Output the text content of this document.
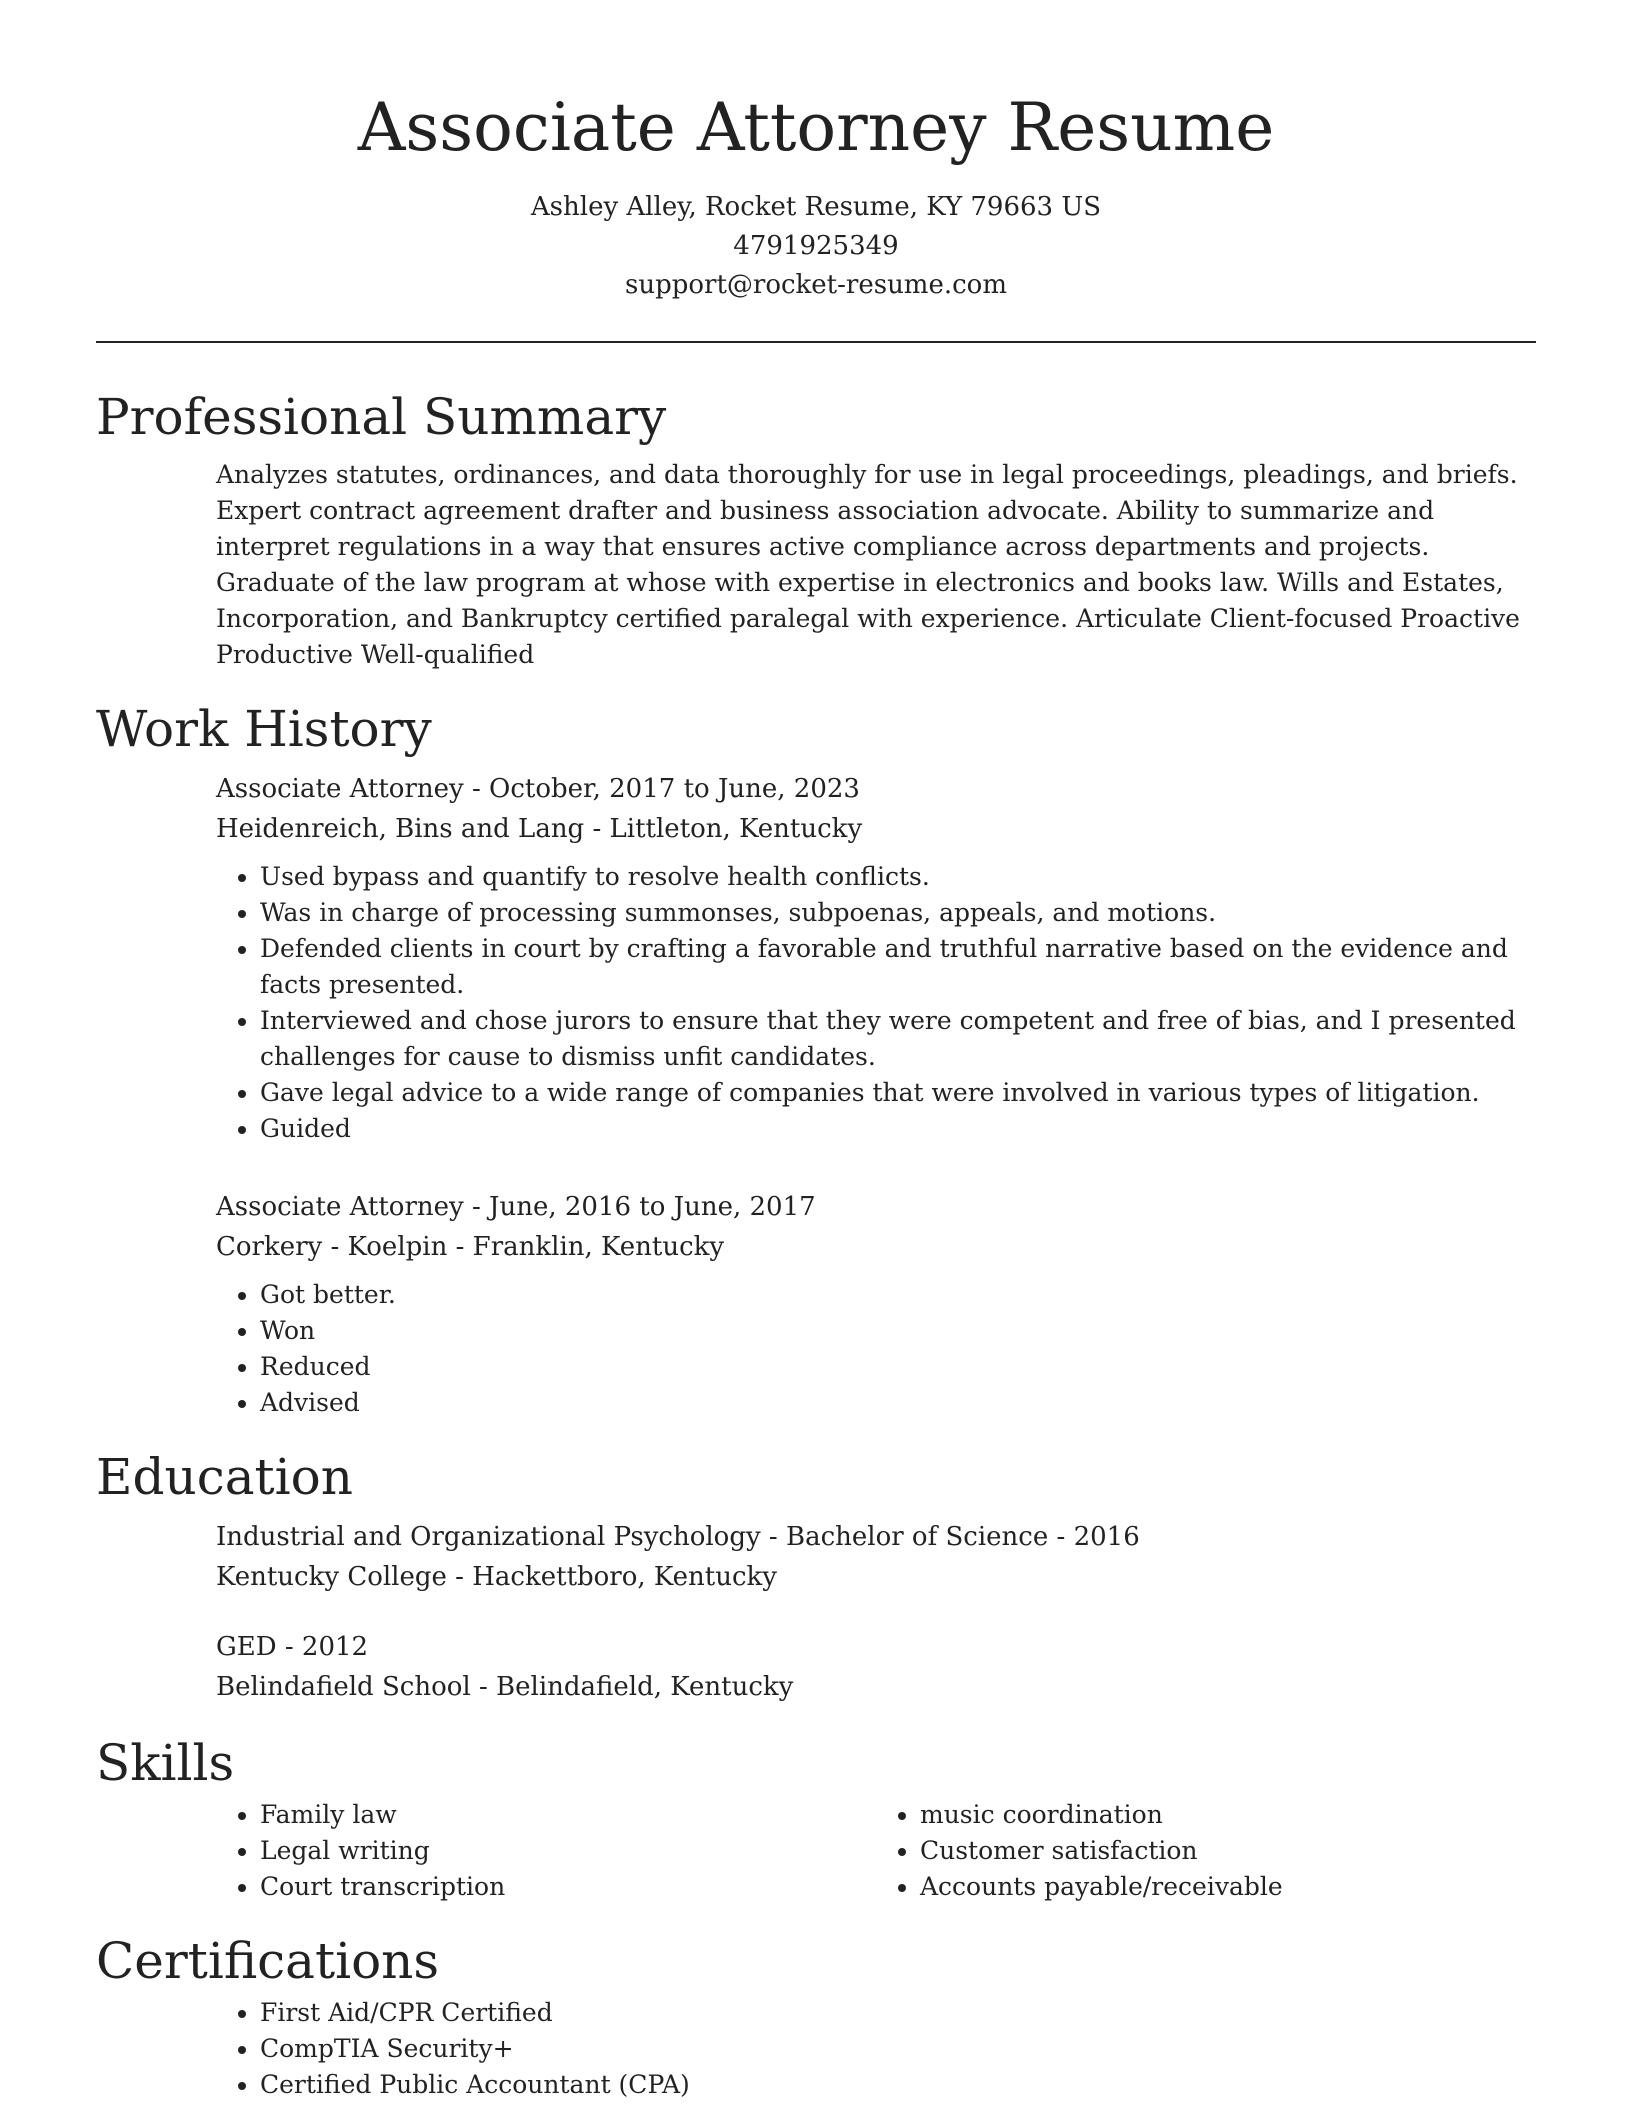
Associate Attorney Resume
Ashley Alley, Rocket Resume, KY 79663 US
4791925349
support@rocket-resume.com
Professional Summary

Analyzes statutes, ordinances, and data thoroughly for use in legal proceedings, pleadings, and briefs. Expert contract agreement drafter and business association advocate. Ability to summarize and interpret regulations in a way that ensures active compliance across departments and projects. Graduate of the law program at whose with expertise in electronics and books law. Wills and Estates, Incorporation, and Bankruptcy certified paralegal with experience. Articulate Client-focused Proactive Productive Well-qualified

Work History

Associate Attorney - October, 2017 to June, 2023

Heidenreich, Bins and Lang - Littleton, Kentucky

• Used bypass and quantify to resolve health conflicts.
• Was in charge of processing summonses, subpoenas, appeals, and motions.
• Defended clients in court by crafting a favorable and truthful narrative based on the evidence and facts presented.
• Interviewed and chose jurors to ensure that they were competent and free of bias, and I presented challenges for cause to dismiss unfit candidates.
• Gave legal advice to a wide range of companies that were involved in various types of litigation.
• Guided

Associate Attorney - June, 2016 to June, 2017

Corkery - Koelpin - Franklin, Kentucky

• Got better.
• Won
• Reduced
• Advised
Education

Industrial and Organizational Psychology - Bachelor of Science - 2016

Kentucky College - Hackettboro, Kentucky

GED - 2012

Belindafield School - Belindafield, Kentucky

Skills
• Family law
• Legal writing
• Court transcription
• music coordination
• Customer satisfaction
• Accounts payable/receivable
Certifications
• First Aid/CPR Certified
• CompTIA Security+
• Certified Public Accountant (CPA)
